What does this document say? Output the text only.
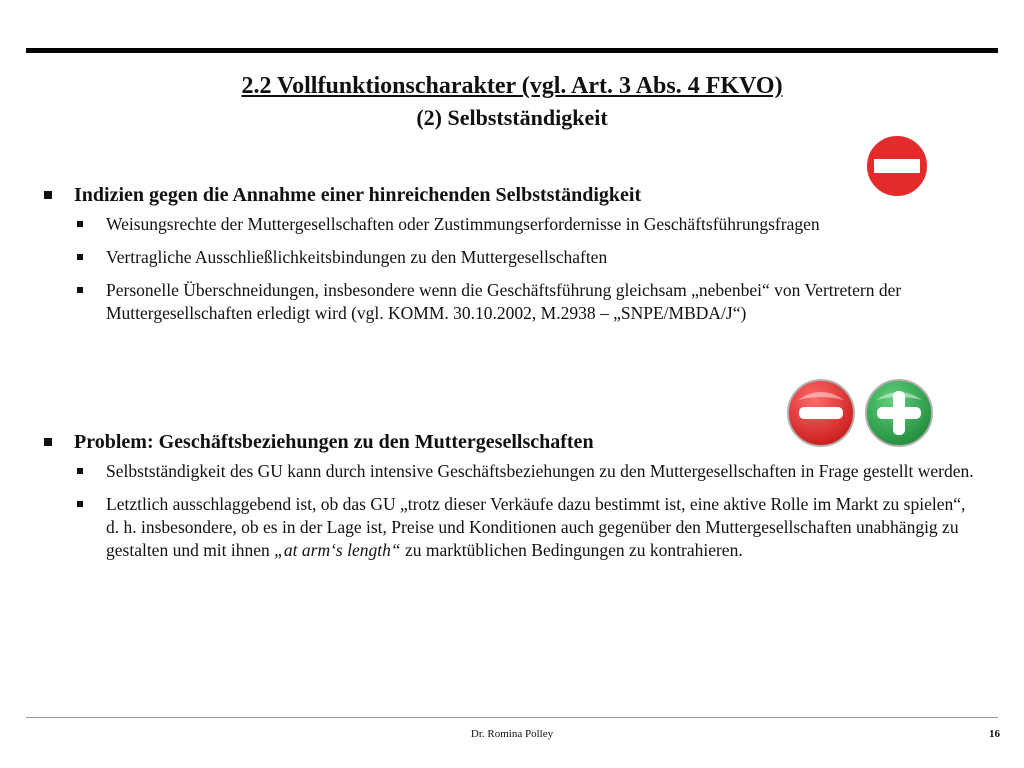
2.2 Vollfunktionscharakter (vgl. Art. 3 Abs. 4 FKVO)
(2) Selbstständigkeit
Indizien gegen die Annahme einer hinreichenden Selbstständigkeit
Weisungsrechte der Muttergesellschaften oder Zustimmungserfordernisse in Geschäftsführungsfragen
Vertragliche Ausschließlichkeitsbindungen zu den Muttergesellschaften
Personelle Überschneidungen, insbesondere wenn die Geschäftsführung gleichsam „nebenbei“ von Vertretern der Muttergesellschaften erledigt wird (vgl. KOMM. 30.10.2002, M.2938 – „SNPE/MBDA/J“)
Problem: Geschäftsbeziehungen zu den Muttergesellschaften
Selbstständigkeit des GU kann durch intensive Geschäftsbeziehungen zu den Muttergesellschaften in Frage gestellt werden.
Letztlich ausschlaggebend ist, ob das GU „trotz dieser Verkäufe dazu bestimmt ist, eine aktive Rolle im Markt zu spielen“, d. h. insbesondere, ob es in der Lage ist, Preise und Konditionen auch gegenüber den Muttergesellschaften unabhängig zu gestalten und mit ihnen „at arm‘s length“ zu marktüblichen Bedingungen zu kontrahieren.
Dr. Romina Polley	16
